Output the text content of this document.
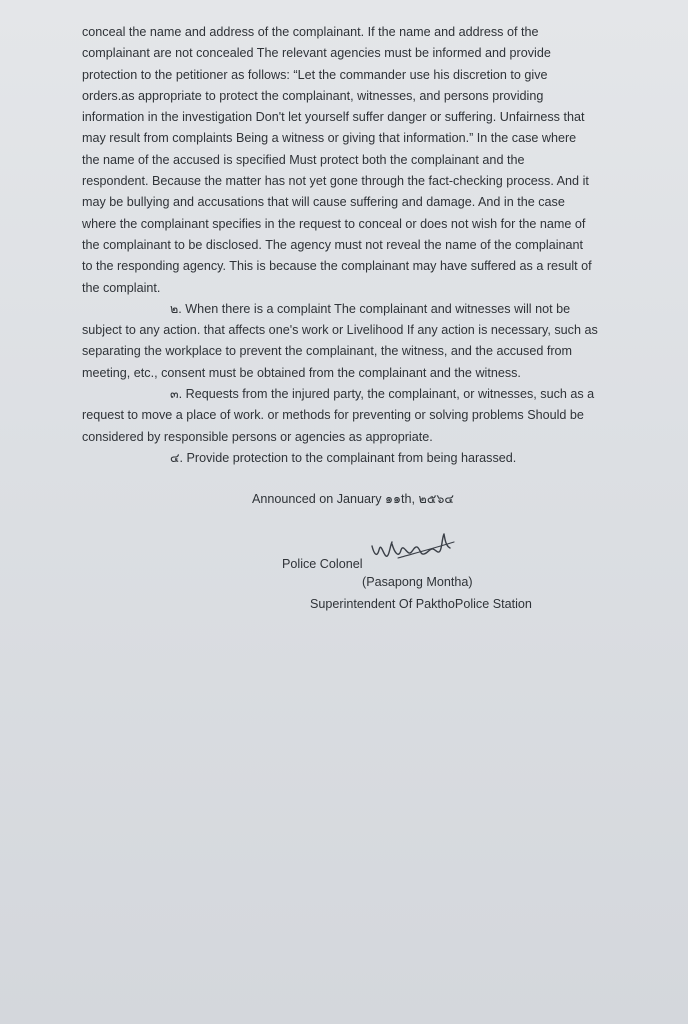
conceal the name and address of the complainant. If the name and address of the
complainant are not concealed The relevant agencies must be informed and provide
protection to the petitioner as follows: “Let the commander use his discretion to give
orders.as appropriate to protect the complainant, witnesses, and persons providing
information in the investigation Don't let yourself suffer danger or suffering. Unfairness that
may result from complaints Being a witness or giving that information.” In the case where
the name of the accused is specified Must protect both the complainant and the
respondent. Because the matter has not yet gone through the fact-checking process. And it
may be bullying and accusations that will cause suffering and damage. And in the case
where the complainant specifies in the request to conceal or does not wish for the name of
the complainant to be disclosed. The agency must not reveal the name of the complainant
to the responding agency. This is because the complainant may have suffered as a result of
the complaint.
๒. When there is a complaint The complainant and witnesses will not be
subject to any action. that affects one's work or Livelihood If any action is necessary, such as
separating the workplace to prevent the complainant, the witness, and the accused from
meeting, etc., consent must be obtained from the complainant and the witness.
๓. Requests from the injured party, the complainant, or witnesses, such as a
request to move a place of work. or methods for preventing or solving problems Should be
considered by responsible persons or agencies as appropriate.
๔. Provide protection to the complainant from being harassed.
Announced on January ๑๑th, ๒๕๖๔
Police Colonel
(Pasapong Montha)
Superintendent Of PakthoPolice Station
